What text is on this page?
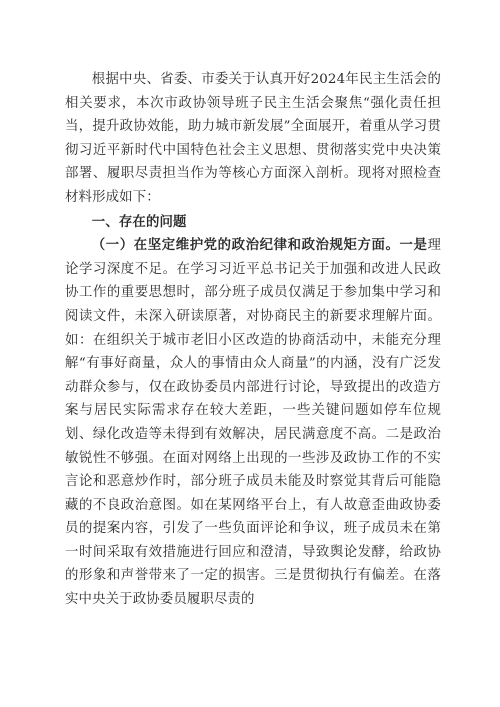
根据中央、省委、市委关于认真开好2024年民主生活会的相关要求，本次市政协领导班子民主生活会聚焦“强化责任担当，提升政协效能，助力城市新发展”全面展开，着重从学习贯彻习近平新时代中国特色社会主义思想、贯彻落实党中央决策部署、履职尽责担当作为等核心方面深入剖析。现将对照检查材料形成如下：

一、存在的问题

（一）在坚定维护党的政治纪律和政治规矩方面。一是理论学习深度不足。在学习习近平总书记关于加强和改进人民政协工作的重要思想时，部分班子成员仅满足于参加集中学习和阅读文件，未深入研读原著，对协商民主的新要求理解片面。如：在组织关于城市老旧小区改造的协商活动中，未能充分理解“有事好商量，众人的事情由众人商量”的内涵，没有广泛发动群众参与，仅在政协委员内部进行讨论，导致提出的改造方案与居民实际需求存在较大差距，一些关键问题如停车位规划、绿化改造等未得到有效解决，居民满意度不高。二是政治敏锐性不够强。在面对网络上出现的一些涉及政协工作的不实言论和恶意炒作时，部分班子成员未能及时察觉其背后可能隐藏的不良政治意图。如在某网络平台上，有人故意歪曲政协委员的提案内容，引发了一些负面评论和争议，班子成员未在第一时间采取有效措施进行回应和澄清，导致舆论发酵，给政协的形象和声誉带来了一定的损害。三是贯彻执行有偏差。在落实中央关于政协委员履职尽责的
